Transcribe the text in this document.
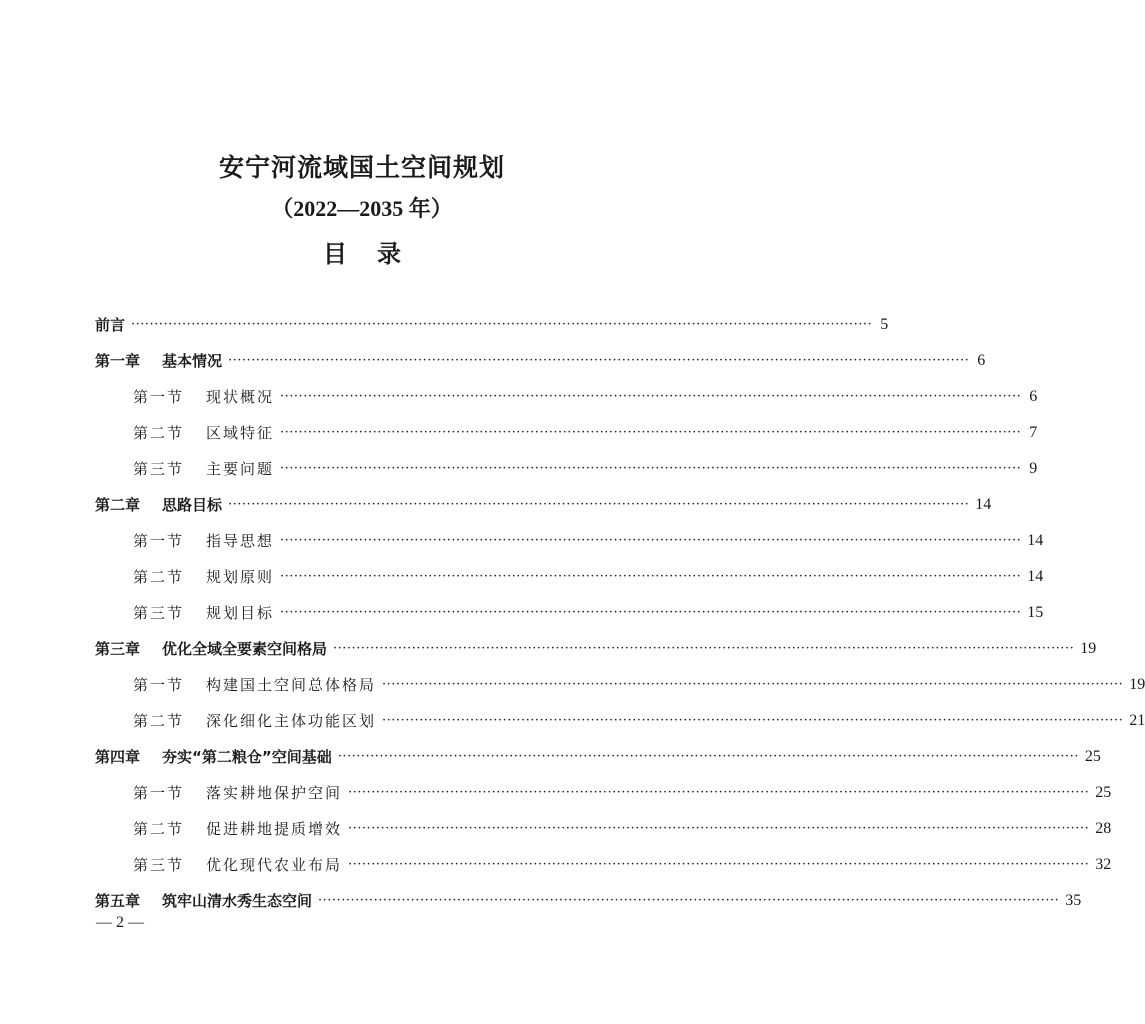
安宁河流域国土空间规划
（2022—2035 年）
目 录
前言 ································································································································································ 5
第一章 基本情况 ································································································································································ 6
第一节 现状概况 ································································································································································ 6
第二节 区域特征 ································································································································································ 7
第三节 主要问题 ································································································································································ 9
第二章 思路目标 ································································································································································ 14
第一节 指导思想 ································································································································································ 14
第二节 规划原则 ································································································································································ 14
第三节 规划目标 ································································································································································ 15
第三章 优化全域全要素空间格局 ································································································································································ 19
第一节 构建国土空间总体格局 ································································································································································ 19
第二节 深化细化主体功能区划 ································································································································································ 21
第四章 夯实“第二粮仓”空间基础 ································································································································································ 25
第一节 落实耕地保护空间 ································································································································································ 25
第二节 促进耕地提质增效 ································································································································································ 28
第三节 优化现代农业布局 ································································································································································ 32
第五章 筑牢山清水秀生态空间 ································································································································································ 35
— 2 —
